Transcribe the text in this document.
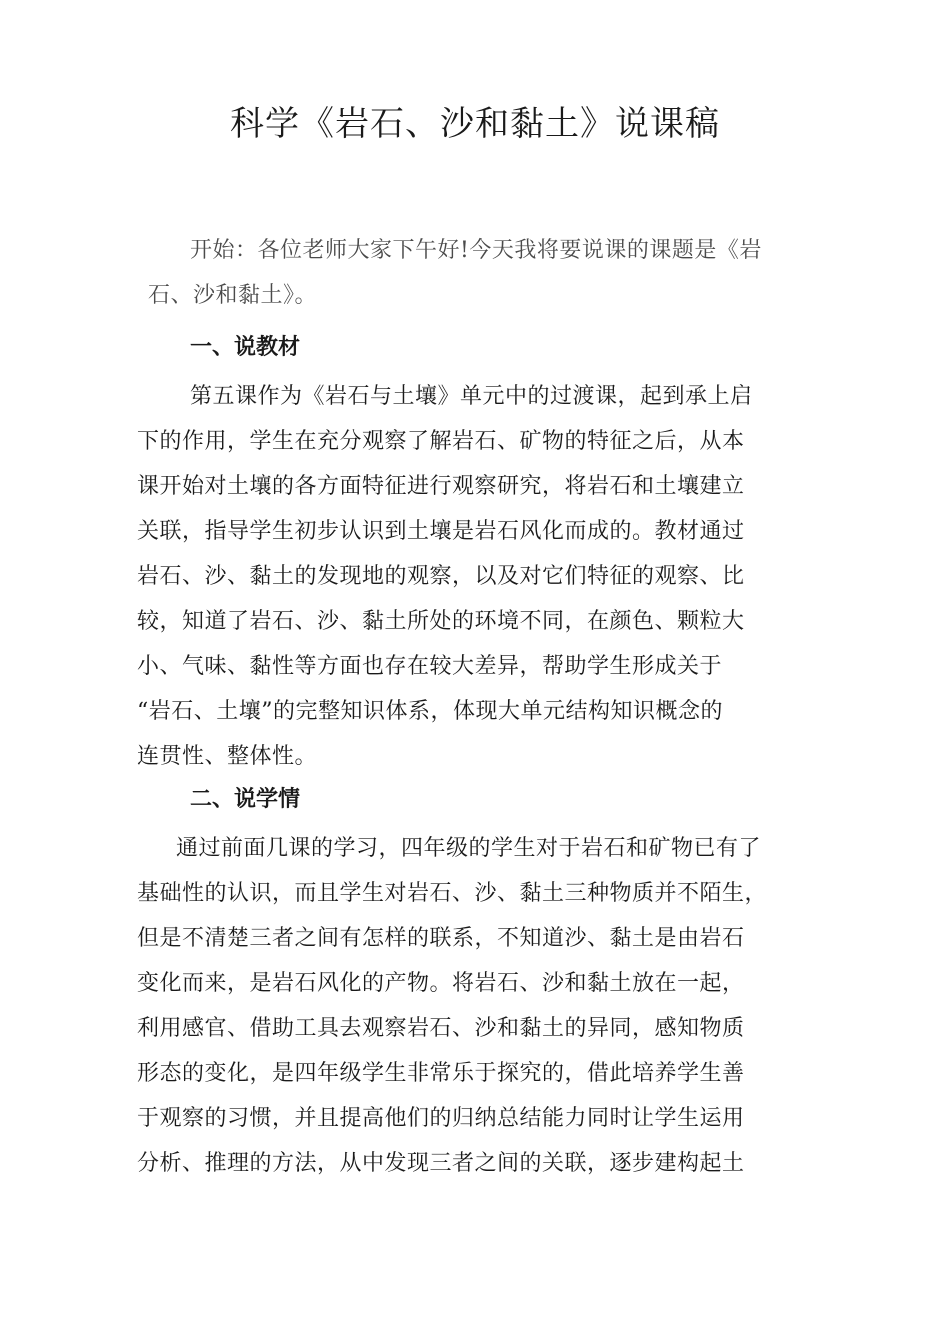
科学《岩石、沙和黏土》说课稿
开始：各位老师大家下午好!今天我将要说课的课题是《岩
石、沙和黏土》。
一、说教材
第五课作为《岩石与土壤》单元中的过渡课，起到承上启
下的作用，学生在充分观察了解岩石、矿物的特征之后，从本
课开始对土壤的各方面特征进行观察研究，将岩石和土壤建立
关联，指导学生初步认识到土壤是岩石风化而成的。教材通过
岩石、沙、黏土的发现地的观察，以及对它们特征的观察、比
较，知道了岩石、沙、黏土所处的环境不同，在颜色、颗粒大
小、气味、黏性等方面也存在较大差异，帮助学生形成关于
“岩石、土壤”的完整知识体系，体现大单元结构知识概念的
连贯性、整体性。
二、说学情
通过前面几课的学习，四年级的学生对于岩石和矿物已有了
基础性的认识，而且学生对岩石、沙、黏土三种物质并不陌生，
但是不清楚三者之间有怎样的联系，不知道沙、黏土是由岩石
变化而来，是岩石风化的产物。将岩石、沙和黏土放在一起，
利用感官、借助工具去观察岩石、沙和黏土的异同，感知物质
形态的变化，是四年级学生非常乐于探究的，借此培养学生善
于观察的习惯，并且提高他们的归纳总结能力同时让学生运用
分析、推理的方法，从中发现三者之间的关联，逐步建构起土
